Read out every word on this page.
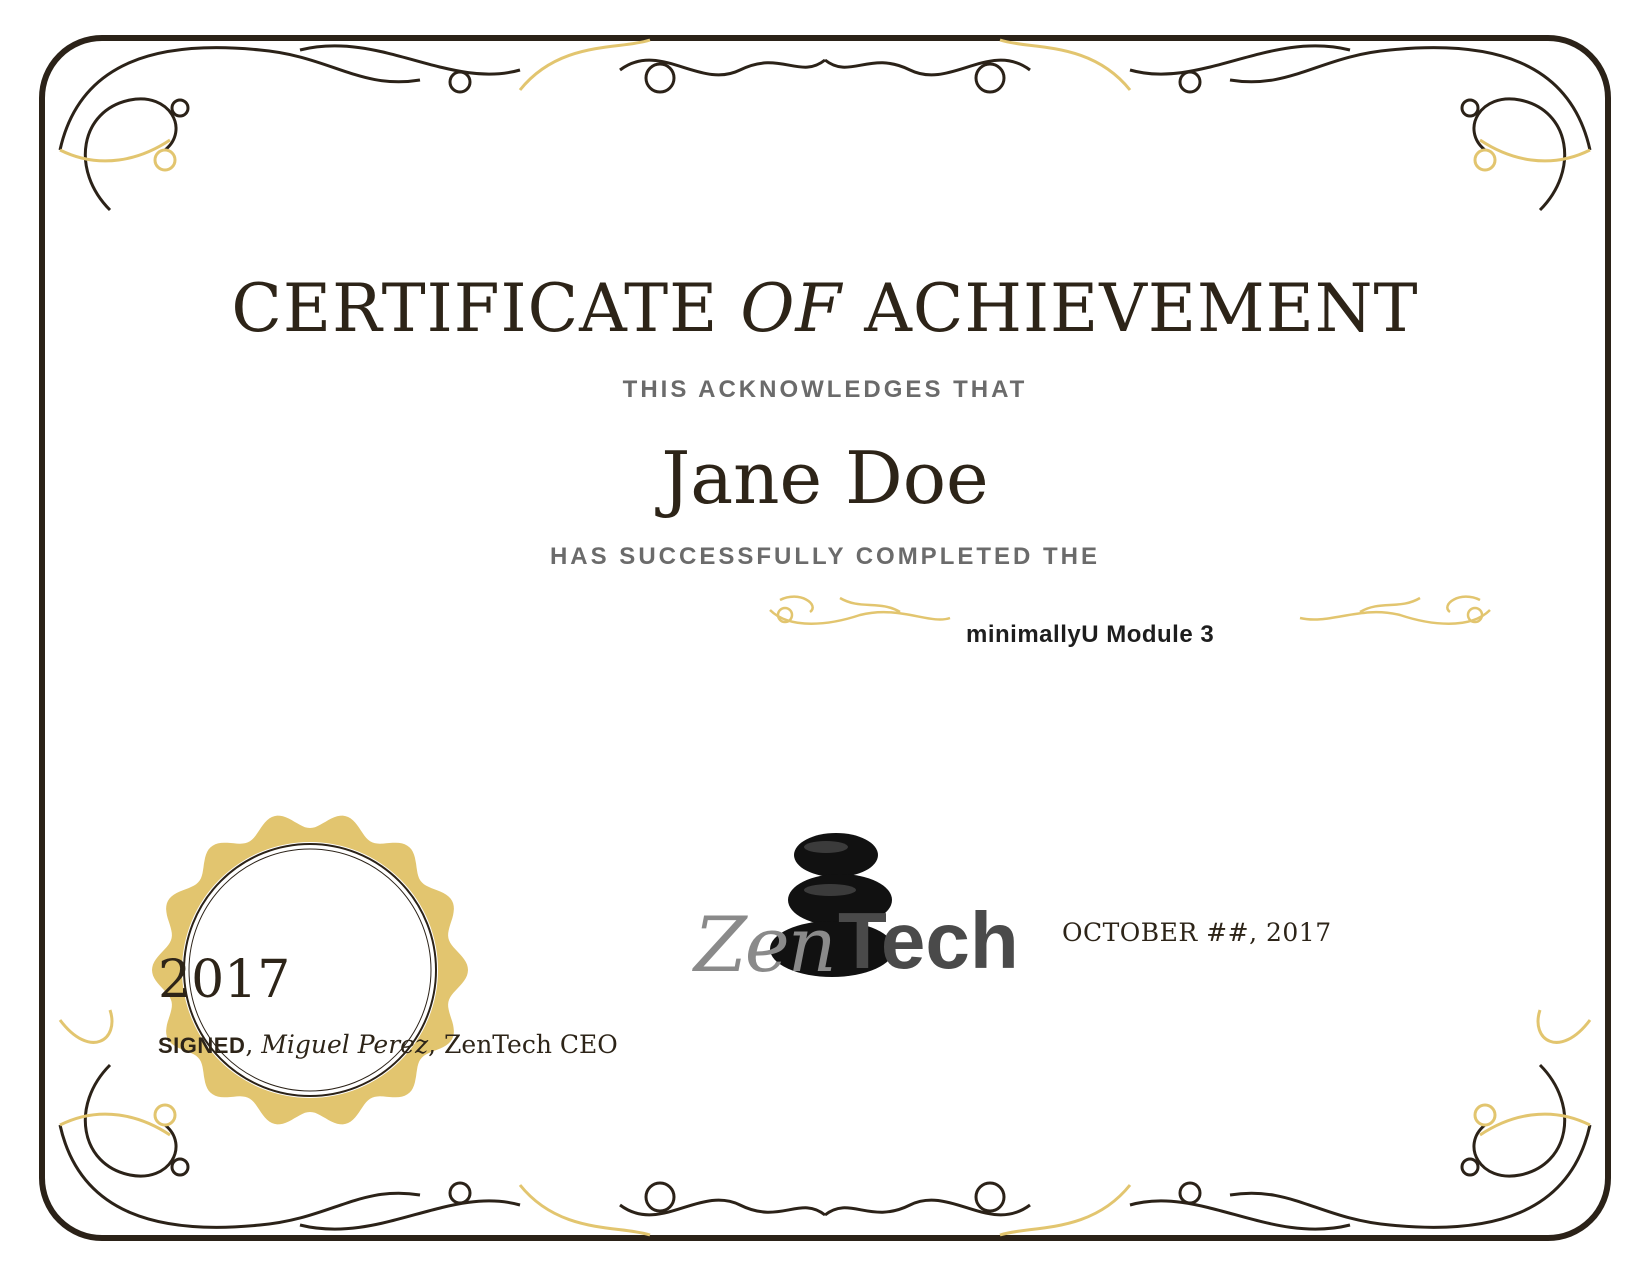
CERTIFICATE OF ACHIEVEMENT
THIS ACKNOWLEDGES THAT
Jane Doe
HAS SUCCESSFULLY COMPLETED THE
minimallyU Module 3
2017
SIGNED, Miguel Perez, ZenTech CEO
Zen Tech OCTOBER ##, 2017
